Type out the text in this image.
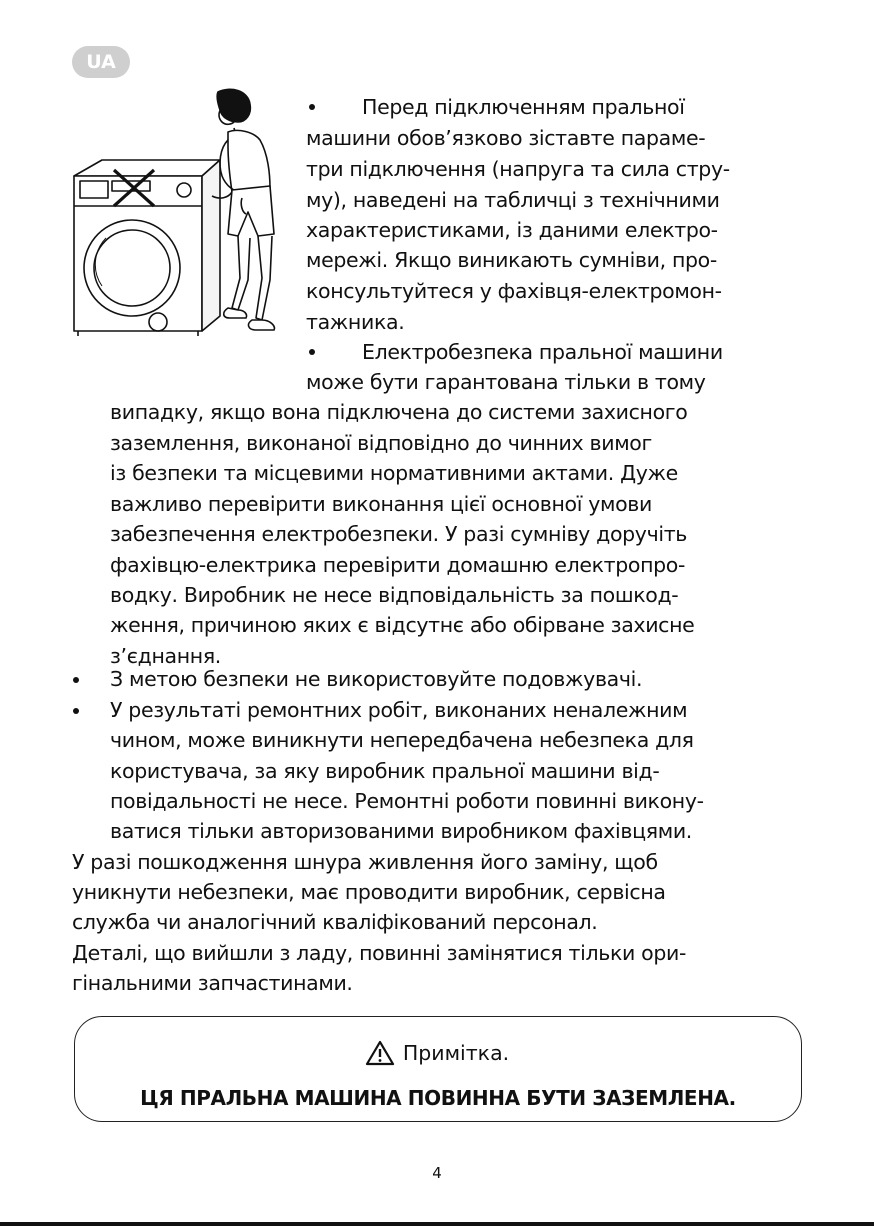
UA
Перед підключенням пральної
машини обов’язково зіставте параме-
три підключення (напруга та сила стру-
му), наведені на табличці з технічними
характеристиками, із даними електро-
мережі. Якщо виникають сумніви, про-
консультуйтеся у фахівця-електромон-
тажника.
Електробезпека пральної машини
може бути гарантована тільки в тому
випадку, якщо вона підключена до системи захисного
заземлення, виконаної відповідно до чинних вимог
із безпеки та місцевими нормативними актами. Дуже
важливо перевірити виконання цієї основної умови
забезпечення електробезпеки. У разі сумніву доручіть
фахівцю-електрика перевірити домашню електропро-
водку. Виробник не несе відповідальність за пошкод-
ження, причиною яких є відсутнє або обірване захисне
з’єднання.
З метою безпеки не використовуйте подовжувачі.
У результаті ремонтних робіт, виконаних неналежним
чином, може виникнути непередбачена небезпека для
користувача, за яку виробник пральної машини від-
повідальності не несе. Ремонтні роботи повинні викону-
ватися тільки авторизованими виробником фахівцями.
У разі пошкодження шнура живлення його заміну, щоб
уникнути небезпеки, має проводити виробник, сервісна
служба чи аналогічний кваліфікований персонал.
Деталі, що вийшли з ладу, повинні замінятися тільки ори-
гінальними запчастинами.
Примітка.
ЦЯ ПРАЛЬНА МАШИНА ПОВИННА БУТИ ЗАЗЕМЛЕНА.
4
